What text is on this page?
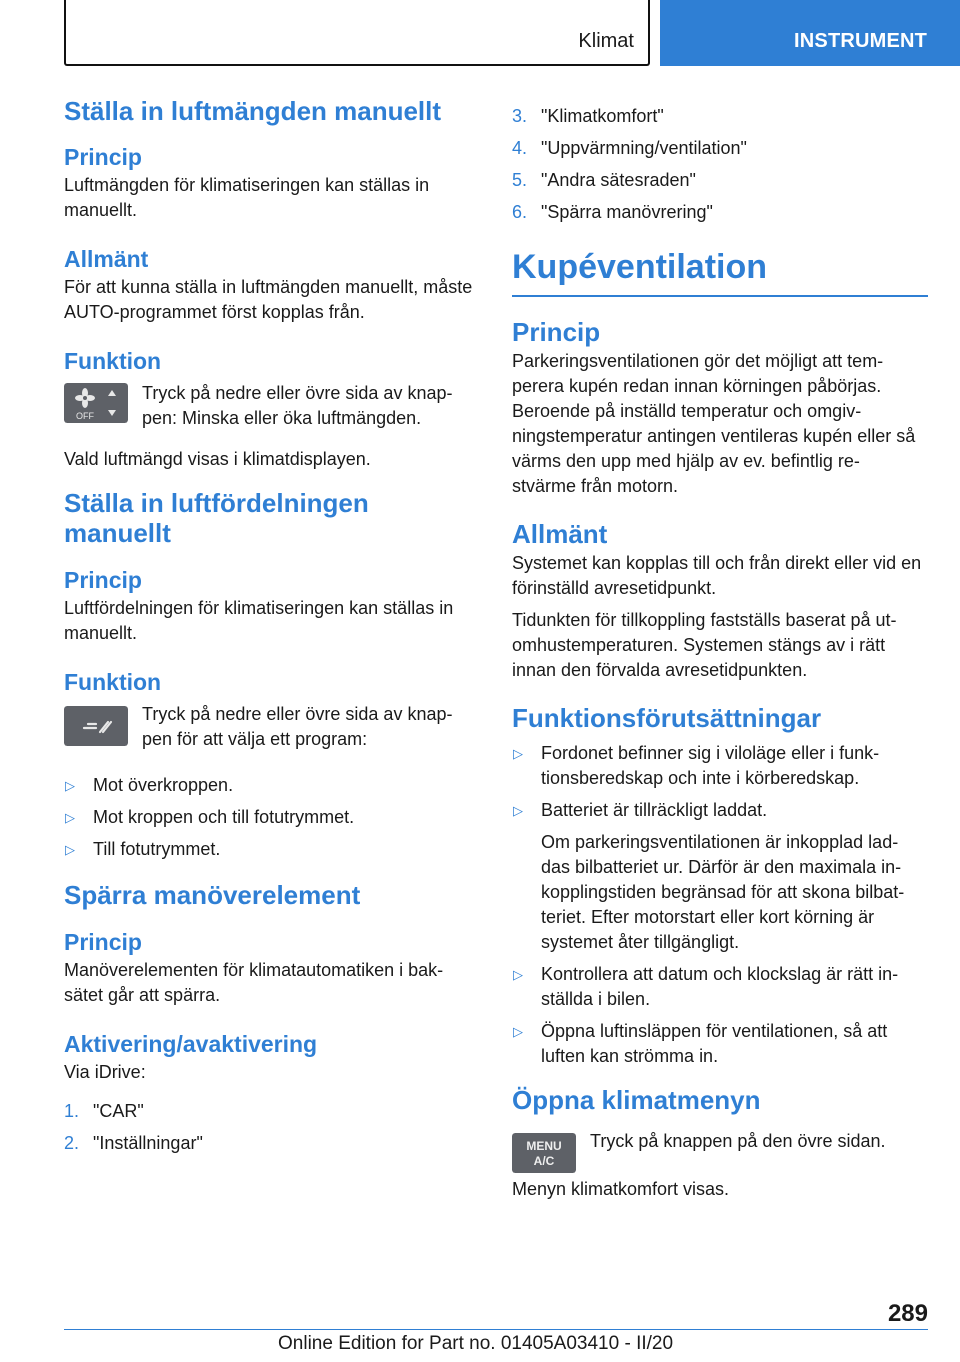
Klimat	INSTRUMENT
Ställa in luftmängden manuellt
Princip

Luftmängden för klimatiseringen kan ställas in manuellt.

Allmänt

För att kunna ställa in luftmängden manuellt, måste AUTO-programmet först kopplas från.

Funktion
OFF

Tryck på nedre eller övre sida av knap- pen: Minska eller öka luftmängden.

Vald luftmängd visas i klimatdisplayen.

Ställa in luftfördelningen manuellt
Princip

Luftfördelningen för klimatiseringen kan ställas in manuellt.

Funktion

Tryck på nedre eller övre sida av knap- pen för att välja ett program:

▷ Mot överkroppen.
▷ Mot kroppen och till fotutrymmet.
▷ Till fotutrymmet.
Spärra manöverelement
Princip

Manöverelementen för klimatautomatiken i bak- sätet går att spärra.

Aktivering/avaktivering

Via iDrive:

1. "CAR"
2. "Inställningar"
3. "Klimatkomfort"
4. "Uppvärmning/ventilation"
5. "Andra sätesraden"
6. "Spärra manövrering"
Kupéventilation
Princip

Parkeringsventilationen gör det möjligt att tem- perera kupén redan innan körningen påbörjas. Beroende på inställd temperatur och omgiv- ningstemperatur antingen ventileras kupén eller så värms den upp med hjälp av ev. befintlig re- stvärme från motorn.

Allmänt

Systemet kan kopplas till och från direkt eller vid en förinställd avresetidpunkt.

Tidunkten för tillkoppling fastställs baserat på ut- omhustemperaturen. Systemen stängs av i rätt innan den förvalda avresetidpunkten.

Funktionsförutsättningar
▷ Fordonet befinner sig i viloläge eller i funk- tionsberedskap och inte i körberedskap.
▷ Batteriet är tillräckligt laddat.
Om parkeringsventilationen är inkopplad lad- das bilbatteriet ur. Därför är den maximala in- kopplingstiden begränsad för att skona bilbat- teriet. Efter motorstart eller kort körning är systemet åter tillgängligt.
▷ Kontrollera att datum och klockslag är rätt in- ställda i bilen.
▷ Öppna luftinsläppen för ventilationen, så att luften kan strömma in.
Öppna klimatmenyn
MENU
A/C

Tryck på knappen på den övre sidan.

Menyn klimatkomfort visas.

289
Online Edition for Part no. 01405A03410 - II/20
